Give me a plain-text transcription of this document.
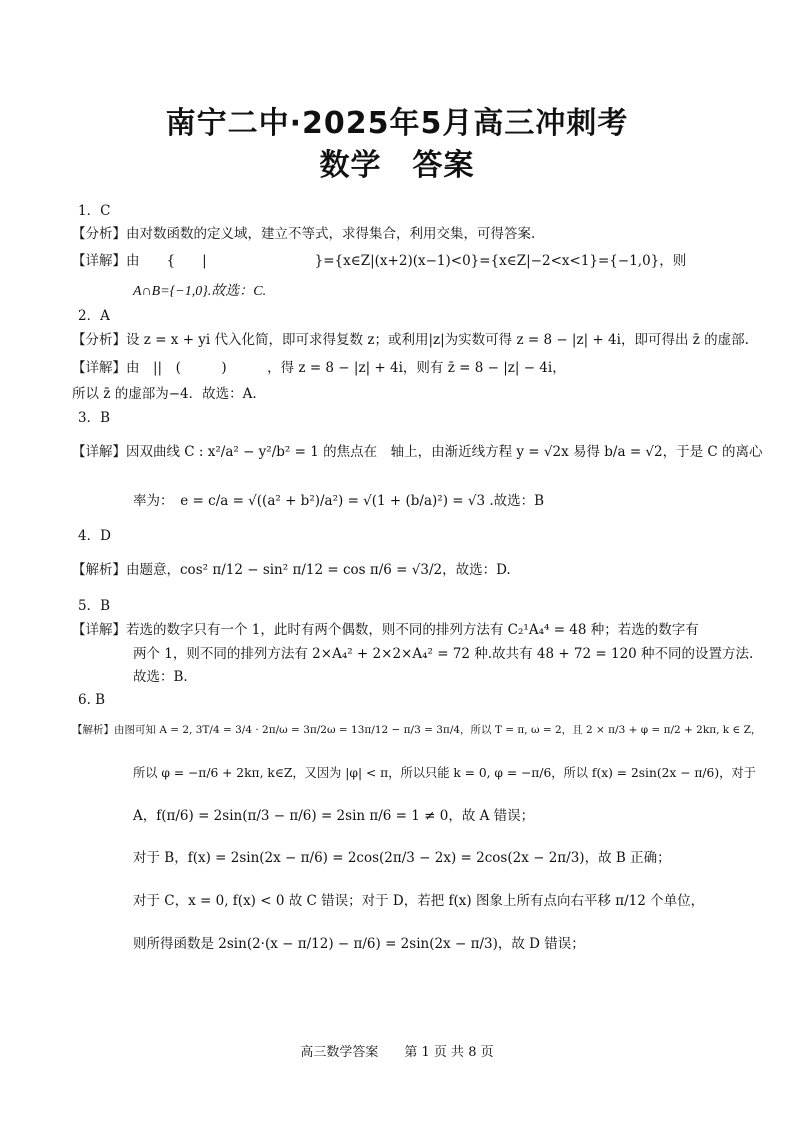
南宁二中·2025年5月高三冲刺考
数学　答案
1．C
【分析】由对数函数的定义域，建立不等式，求得集合，利用交集，可得答案.
【详解】由　　{　　|　　　　　　　　}={x∈Z|(x+2)(x−1)<0}={x∈Z|−2<x<1}={−1,0}，则
A∩B={−1,0}.故选：C.
2．A
【分析】设 z = x + yi 代入化简，即可求得复数 z；或利用|z|为实数可得 z = 8 − |z| + 4i，即可得出 z̄ 的虚部.
【详解】由　||　(　　　)　　　，得 z = 8 − |z| + 4i，则有 z̄ = 8 − |z| − 4i，
所以 z̄ 的虚部为−4．故选：A.
3．B
【详解】因双曲线 C : x²/a² − y²/b² = 1 的焦点在　轴上，由渐近线方程 y = √2x 易得 b/a = √2，于是 C 的离心
率为：　e = c/a = √((a² + b²)/a²) = √(1 + (b/a)²) = √3 .故选：B
4．D
【解析】由题意，cos² π/12 − sin² π/12 = cos π/6 = √3/2，故选：D.
5．B
【详解】若选的数字只有一个 1，此时有两个偶数，则不同的排列方法有 C₂¹A₄⁴ = 48 种；若选的数字有
两个 1，则不同的排列方法有 2×A₄² + 2×2×A₄² = 72 种.故共有 48 + 72 = 120 种不同的设置方法.
故选：B.
6. B
【解析】由图可知 A = 2, 3T/4 = 3/4 · 2π/ω = 3π/2ω = 13π/12 − π/3 = 3π/4，所以 T = π, ω = 2，且 2 × π/3 + φ = π/2 + 2kπ, k ∈ Z，
所以 φ = −π/6 + 2kπ, k∈Z，又因为 |φ| < π，所以只能 k = 0, φ = −π/6，所以 f(x) = 2sin(2x − π/6)，对于
A，f(π/6) = 2sin(π/3 − π/6) = 2sin π/6 = 1 ≠ 0，故 A 错误；
对于 B，f(x) = 2sin(2x − π/6) = 2cos(2π/3 − 2x) = 2cos(2x − 2π/3)，故 B 正确；
对于 C，x = 0, f(x) < 0 故 C 错误；对于 D，若把 f(x) 图象上所有点向右平移 π/12 个单位，
则所得函数是 2sin(2·(x − π/12) − π/6) = 2sin(2x − π/3)，故 D 错误；
高三数学答案　　第 1 页 共 8 页
